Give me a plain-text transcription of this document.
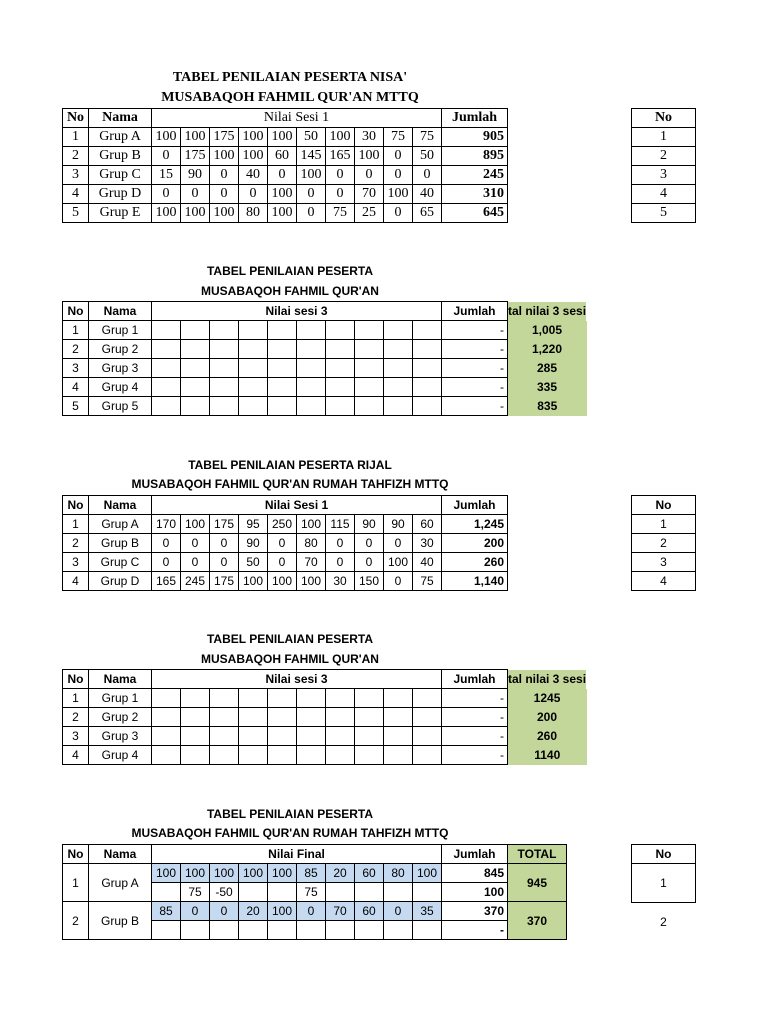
TABEL PENILAIAN PESERTA NISA'
MUSABAQOH FAHMIL QUR'AN MTTQ
No	Nama	Nilai Sesi 1										Jumlah
1	Grup A	100	100	175	100	100	50	100	30	75	75	905
2	Grup B	0	175	100	100	60	145	165	100	0	50	895
3	Grup C	15	90	0	40	0	100	0	0	0	0	245
4	Grup D	0	0	0	0	100	0	0	70	100	40	310
5	Grup E	100	100	100	80	100	0	75	25	0	65	645
No
1
2
3
4
5
TABEL PENILAIAN PESERTA
MUSABAQOH FAHMIL QUR'AN
No	Nama	Nilai sesi 3										Jumlah	tal nilai 3 sesi
1	Grup 1											-	1,005
2	Grup 2											-	1,220
3	Grup 3											-	285
4	Grup 4											-	335
5	Grup 5											-	835
TABEL PENILAIAN PESERTA RIJAL
MUSABAQOH FAHMIL QUR'AN RUMAH TAHFIZH MTTQ
No	Nama	Nilai Sesi 1										Jumlah
1	Grup A	170	100	175	95	250	100	115	90	90	60	1,245
2	Grup B	0	0	0	90	0	80	0	0	0	30	200
3	Grup C	0	0	0	50	0	70	0	0	100	40	260
4	Grup D	165	245	175	100	100	100	30	150	0	75	1,140
No
1
2
3
4
TABEL PENILAIAN PESERTA
MUSABAQOH FAHMIL QUR'AN
No	Nama	Nilai sesi 3										Jumlah	tal nilai 3 sesi
1	Grup 1											-	1245
2	Grup 2											-	200
3	Grup 3											-	260
4	Grup 4											-	1140
TABEL PENILAIAN PESERTA
MUSABAQOH FAHMIL QUR'AN RUMAH TAHFIZH MTTQ
No	Nama	Nilai Final										Jumlah	TOTAL
1	Grup A	100	100	100	100	100	85	20	60	80	100	845	945
			75	-50			75					100	
2	Grup B	85	0	0	20	100	0	70	60	0	35	370	370
												-	
No
1
2
